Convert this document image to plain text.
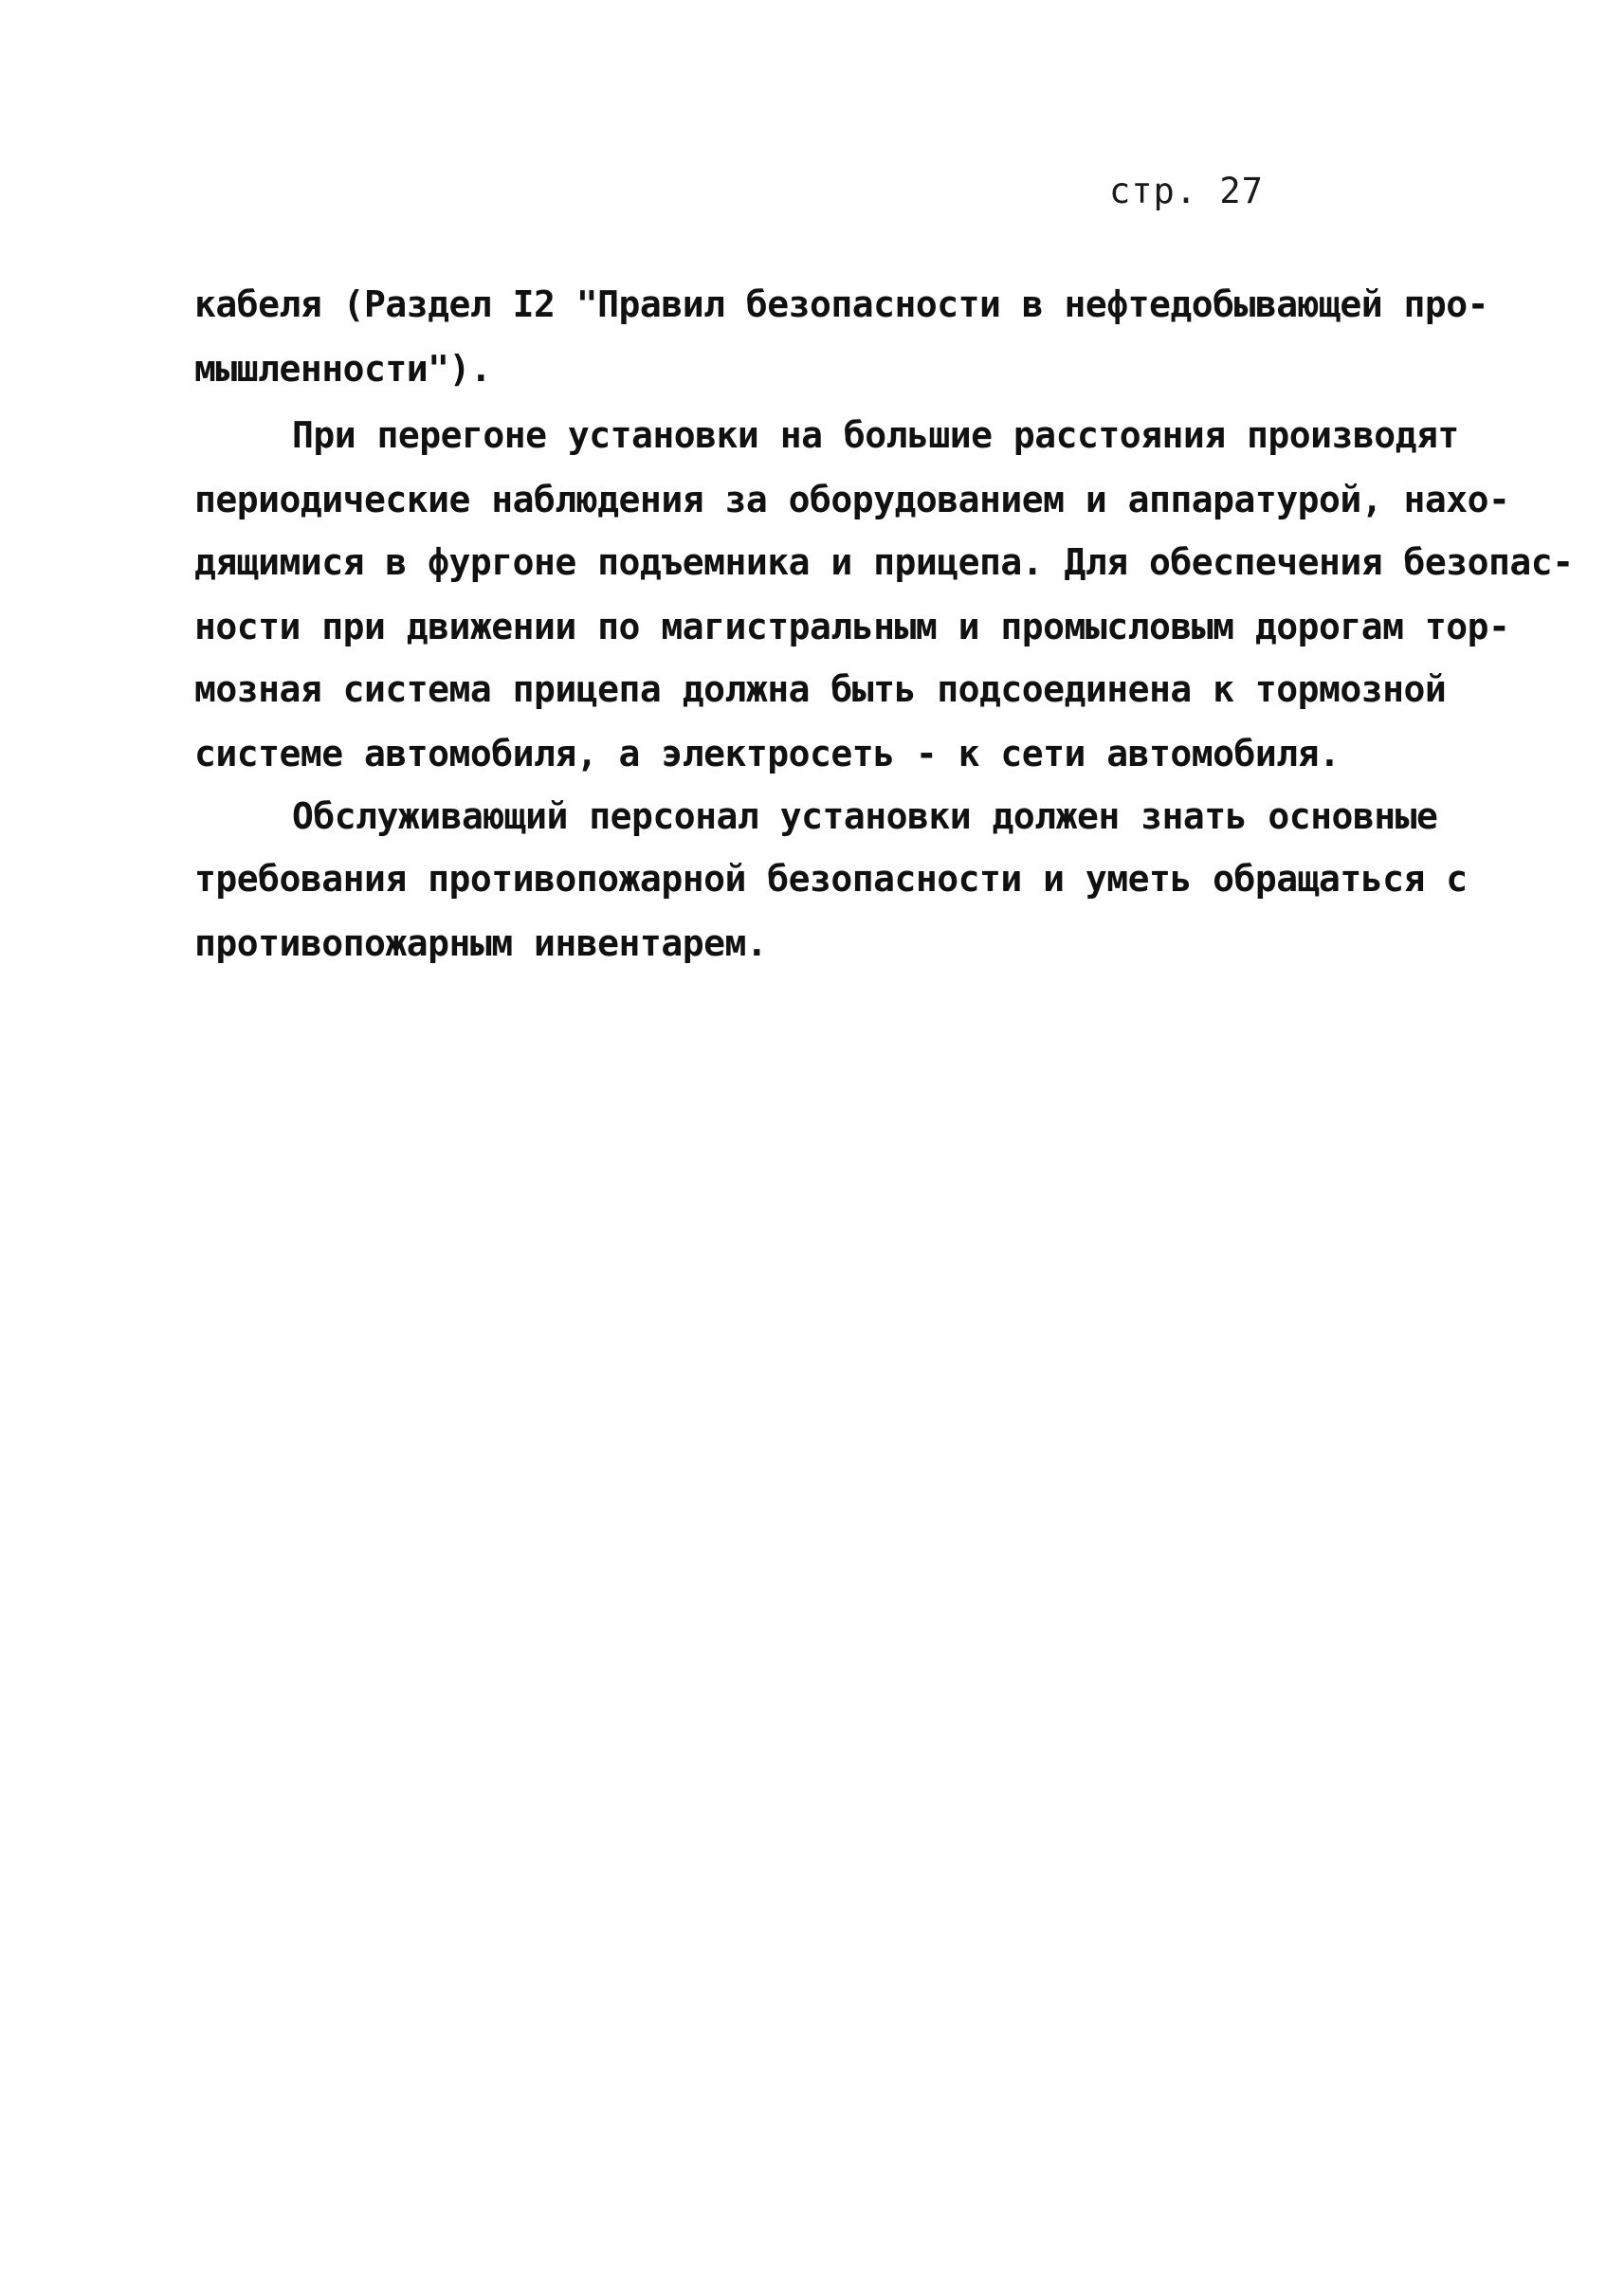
стр. 27
кабеля (Раздел I2 "Правил безопасности в нефтедобывающей про-
мышленности").
При перегоне установки на большие расстояния производят
периодические наблюдения за оборудованием и аппаратурой, нахо-
дящимися в фургоне подъемника и прицепа. Для обеспечения безопас-
ности при движении по магистральным и промысловым дорогам тор-
мозная система прицепа должна быть подсоединена к тормозной
системе автомобиля, а электросеть - к сети автомобиля.
Обслуживающий персонал установки должен знать основные
требования противопожарной безопасности и уметь обращаться с
противопожарным инвентарем.
